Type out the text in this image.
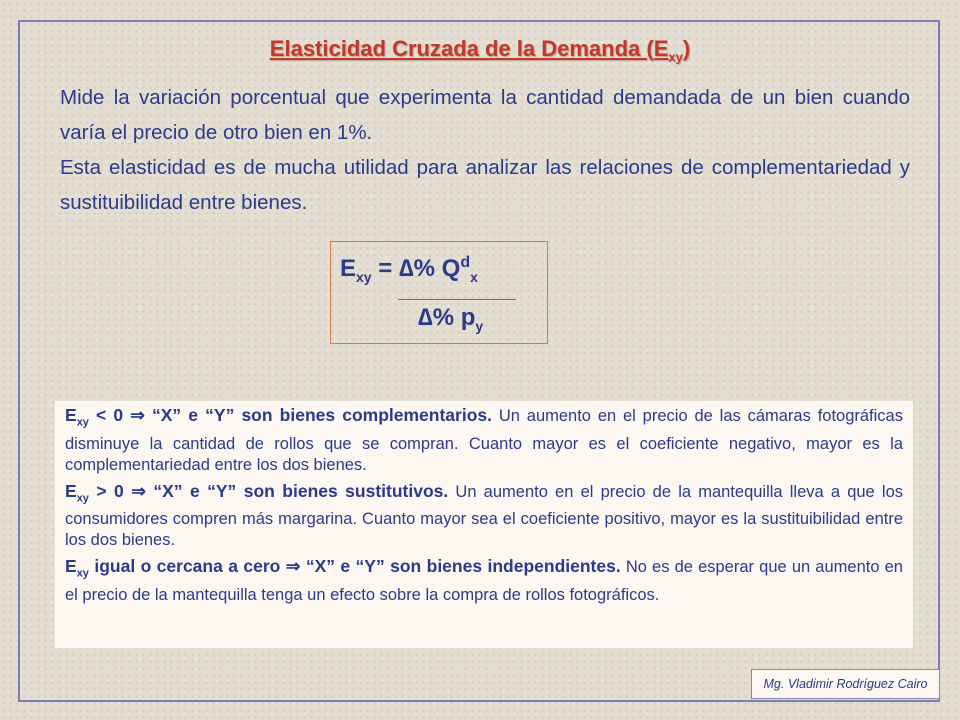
Elasticidad Cruzada de la Demanda $(E_{xy})$

Mide la variación porcentual que experimenta la cantidad demandada de un bien cuando varía el precio de otro bien en 1%.

Esta elasticidad es de mucha utilidad para analizar las relaciones de complementariedad y sustituibilidad entre bienes.

$E_{xy}$ = ∆% $Q^d_x$
∆% $p_y$

$E_{xy} < 0$ ⇒ “X” e “Y” son bienes complementarios. Un aumento en el precio de las cámaras fotográficas disminuye la cantidad de rollos que se compran. Cuanto mayor es el coeficiente negativo, mayor es la complementariedad entre los dos bienes.

$E_{xy} > 0$ ⇒ “X” e “Y” son bienes sustitutivos. Un aumento en el precio de la mantequilla lleva a que los consumidores compren más margarina. Cuanto mayor sea el coeficiente positivo, mayor es la sustituibilidad entre los dos bienes.

$E_{xy}$ igual o cercana a cero ⇒ “X” e “Y” son bienes independientes. No es de esperar que un aumento en el precio de la mantequilla tenga un efecto sobre la compra de rollos fotográficos.

Mg. Vladimir Rodríguez Cairo
